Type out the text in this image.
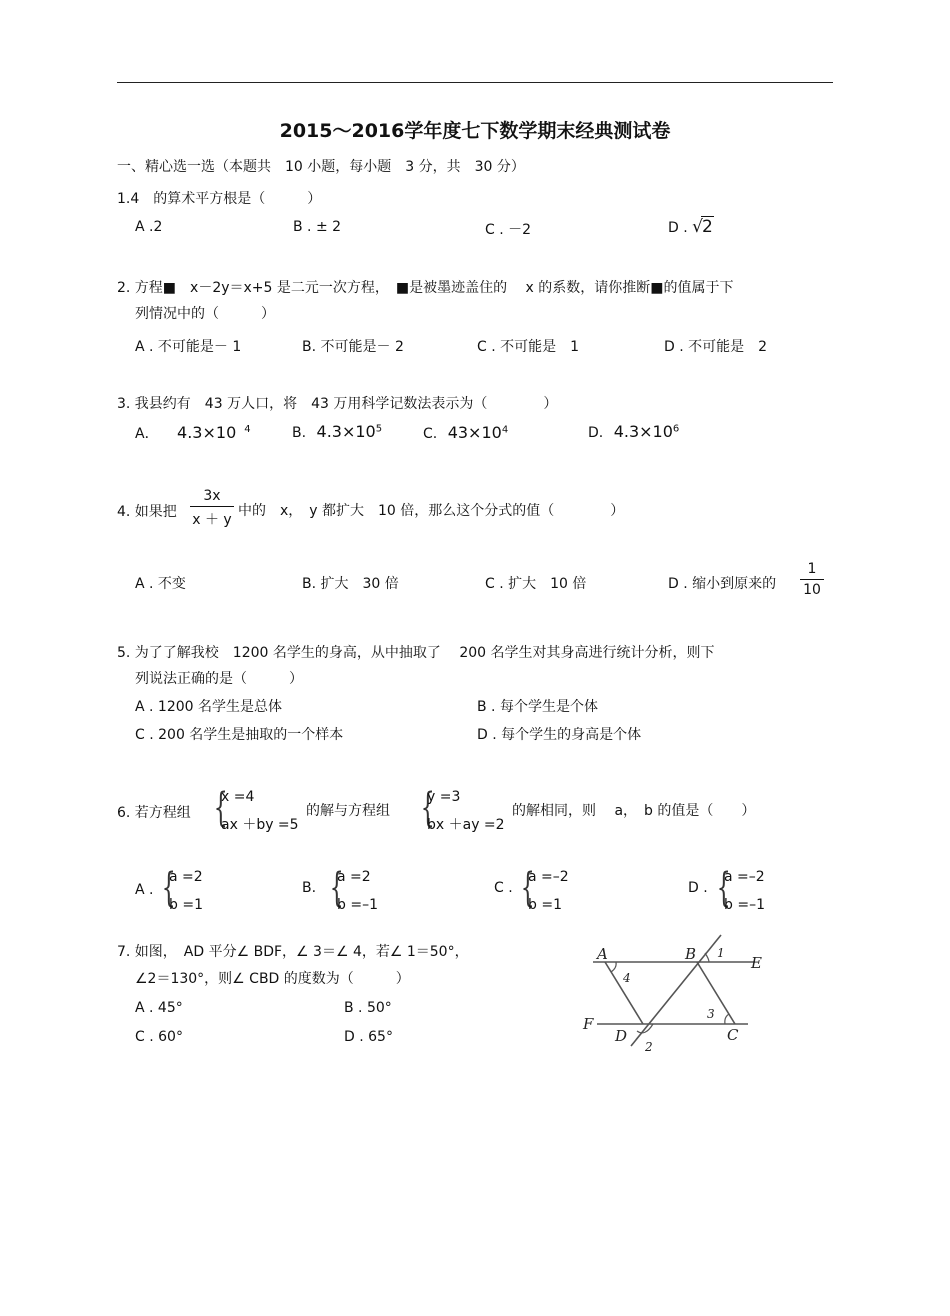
2015～2016学年度七下数学期末经典测试卷
一、精心选一选（本题共　10 小题，每小题　3 分，共　30 分）
1.4　的算术平方根是（　　　）
A .2	B . ± 2	C . －2	D . √2
2. 方程■　x－2y＝x+5 是二元一次方程，　■是被墨迹盖住的　 x 的系数，请你推断■的值属于下
列情况中的（　　　）
A . 不可能是－ 1	B. 不可能是－ 2	C . 不可能是　1	D . 不可能是　2
3. 我县约有　43 万人口，将　43 万用科学记数法表示为（　　　　）
A． 4.3×10 $^4$	B. $4.3\times 10^5$	C. $43\times 10^4$	D. $4.3\times 10^6$
4. 如果把
3x
x ＋ y
中的　x，　y 都扩大　10 倍，那么这个分式的值（　　　　）
A . 不变	B. 扩大　30 倍	C . 扩大　10 倍	D . 缩小到原来的
1
10
5. 为了了解我校　1200 名学生的身高，从中抽取了　 200 名学生对其身高进行统计分析，则下
列说法正确的是（　　　）
A . 1200 名学生是总体	B . 每个学生是个体
C . 200 名学生是抽取的一个样本	D . 每个学生的身高是个体
6. 若方程组 {
x =4
ax ＋by =5
的解与方程组 {
y =3
bx ＋ay =2
的解相同，则　 a，　b 的值是（　　）
A . {
a =2
b =1
B. {
a =2
b =–1
C . {
a =–2
b =1
D . {
a =–2
b =–1
7. 如图，　AD 平分∠ BDF，∠ 3＝∠ 4，若∠ 1＝50°，
∠2＝130°，则∠ CBD 的度数为（　　　）
A . 45°	B . 50°
C . 60°	D . 65°
A	B	E
F
D	C
1
2
3
4
